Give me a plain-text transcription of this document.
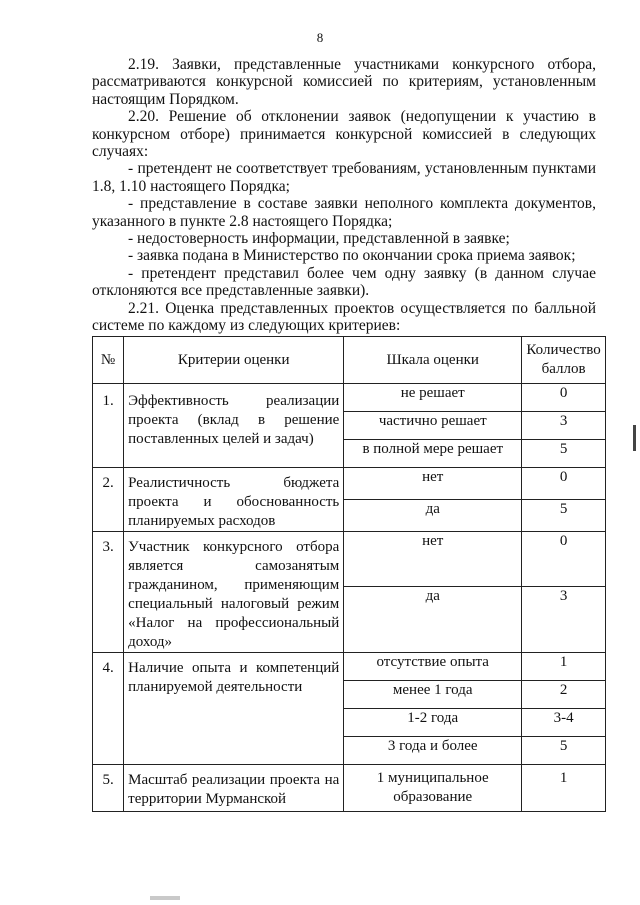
8

2.19. Заявки, представленные участниками конкурсного отбора, рассматриваются конкурсной комиссией по критериям, установленным настоящим Порядком.

2.20. Решение об отклонении заявок (недопущении к участию в конкурсном отборе) принимается конкурсной комиссией в следующих случаях:

- претендент не соответствует требованиям, установленным пунктами 1.8, 1.10 настоящего Порядка;

- представление в составе заявки неполного комплекта документов, указанного в пункте 2.8 настоящего Порядка;

- недостоверность информации, представленной в заявке;

- заявка подана в Министерство по окончании срока приема заявок;

- претендент представил более чем одну заявку (в данном случае отклоняются все представленные заявки).

2.21. Оценка представленных проектов осуществляется по балльной системе по каждому из следующих критериев:

№	Критерии оценки	Шкала оценки	Количество баллов
1.	Эффективность реализации проекта (вклад в решение поставленных целей и задач)	не решает	0
		частично решает	3
		в полной мере решает	5
2.	Реалистичность бюджета проекта и обоснованность планируемых расходов	нет	0
		да	5
3.	Участник конкурсного отбора является самозанятым гражданином, применяющим специальный налоговый режим «Налог на профессиональный доход»	нет	0
		да	3
4.	Наличие опыта и компетенций планируемой деятельности	отсутствие опыта	1
		менее 1 года	2
		1-2 года	3-4
		3 года и более	5
5.	Масштаб реализации проекта на территории Мурманской	1 муниципальное образование	1
